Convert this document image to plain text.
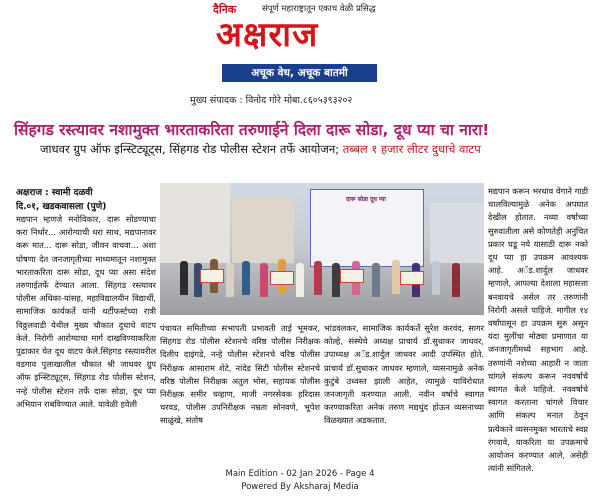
दैनिक	संपूर्ण महाराष्ट्रातून एकाच वेळी प्रसिद्ध
अक्षराज
अचूक वेध, अचूक बातमी
मुख्य संपादक : विनोद गोरे मोबा.८६०५३९३२०२
सिंहगड रस्त्यावर नशामुक्त भारताकरिता तरुणाईने दिला दारू सोडा, दूध प्या चा नारा!
जाधवर ग्रुप ऑफ इन्स्टिट्यूट्स, सिंहगड रोड पोलीस स्टेशन तर्फे आयोजन; तब्बल १ हजार लीटर दुधाचे वाटप
अक्षराज : स्वामी दळवी
दि.०१, खडकवासला (पुणे)
मद्यपान म्हणजे मनोविकार, दारू सोडण्याचा करा निर्धार... आरोग्याची धरा साथ, मद्यपानावर करू मात... दारू सोडा, जीवन वाचवा... अशा घोषणा देत जनजागृतीच्या माध्यमातून नशामुक्त भारताकरिता दारू सोडा, दूध प्या असा संदेश तरुणाईतर्फे देण्यात आला. सिंहगड रस्त्यावर पोलीस अधिका-यांसह, महाविद्यालयीन विद्यार्थी, सामाजिक कार्यकर्ते यांनी थर्टीफर्स्टच्या रात्री विठ्ठलवाडी येथील मुख्य चौकात दुधाचे वाटप केले. निरोगी आरोग्याचा मार्ग दाखविण्याकरिता पुढाकार घेत दूध वाटप केले.सिंहगड रस्त्यावरील वडगाव पुलाखालील चौकात श्री जाधवर ग्रुप ऑफ इन्स्टिट्यूट्स, सिंहगड रोड पोलीस स्टेशन, नन्हे पोलीस स्टेशन तर्फे दारू सोडा, दूध प्या अभियान राबविण्यात आले. यावेळी हवेली
दारू सोडा दूध प्या
पंचायत समितीच्या सभापती प्रभावती ताई भूमकर, सिंहगड रोड पोलीस स्टेशनचे वरिष्ठ पोलीस निरीक्षक दिलीप दाइंगडे, नन्हे पोलीस स्टेशनचे वरिष्ठ पोलीस निरीक्षक आसाराम शेटे, नांदेड सिटी पोलीस स्टेशनचे वरिष्ठ पोलीस निरीक्षक अतुल भोस, सहायक पोलीस निरीक्षक समीर चव्हाण, माजी नगरसेवक हरिदास चरवड, पोलीस उपनिरीक्षक नम्रता सोनवणे, भूपेश साळुंखे, संतोष
भांडवलकर, सामाजिक कार्यकर्ते सुरेश करवंद, सागर कोल्हे, संस्थेचे अध्यक्ष प्राचार्य डॉ.सुधाकर जाधवर, उपाध्यक्ष अॅड.शार्दुल जाधवर आदी उपस्थित होते. प्राचार्य डॉ.सुधाकर जाधवर म्हणाले, व्यसनामुळे अनेक कुटुंबे उध्वस्त झाली आहेत, त्यामुळे याविरोधात जनजागृती करण्यात आली. नवीन वर्षाचे स्वागत करण्याकरिता अनेक तरुण मद्यधुंद होऊन व्यसनाच्या विळख्यात अडकतात.
मद्यपान करून भरधाव वेगाने गाडी चालविल्यामुळे अनेक अपघात देखील होतात. नव्या वर्षाच्या सुरुवातीला असे कोणतेही अनुचित प्रकार घडू नये यासाठी दारू नको दूध प्या हा उपक्रम आवश्यक आहे. अॅड.शार्दुल जाधवर म्हणाले, आपल्या देशाला महासत्ता बनवायचे असेल तर तरुणांनी निरोगी असले पाहिजे. मागील १४ वर्षांपासून हा उपक्रम सुरु असून यंदा मुलींचा मोठ्या प्रमाणात या जनजागृतीमध्ये सहभाग आहे. तरुणांनी नशेच्या आहारी न जाता चांगले संकल्प करून नववर्षाचे स्वागत केले पाहिजे. नववर्षाचे स्वागत करताना चांगले विचार आणि संकल्प मनात ठेवून प्रत्येकाने व्यसनमुक्त भारताचे स्वप्न रंगवावे, याकरिता या उपक्रमाचे आयोजन करण्यात आले, असेही त्यांनी सांगितले.
Main Edition - 02 Jan 2026 - Page 4
Powered By Aksharaj Media
